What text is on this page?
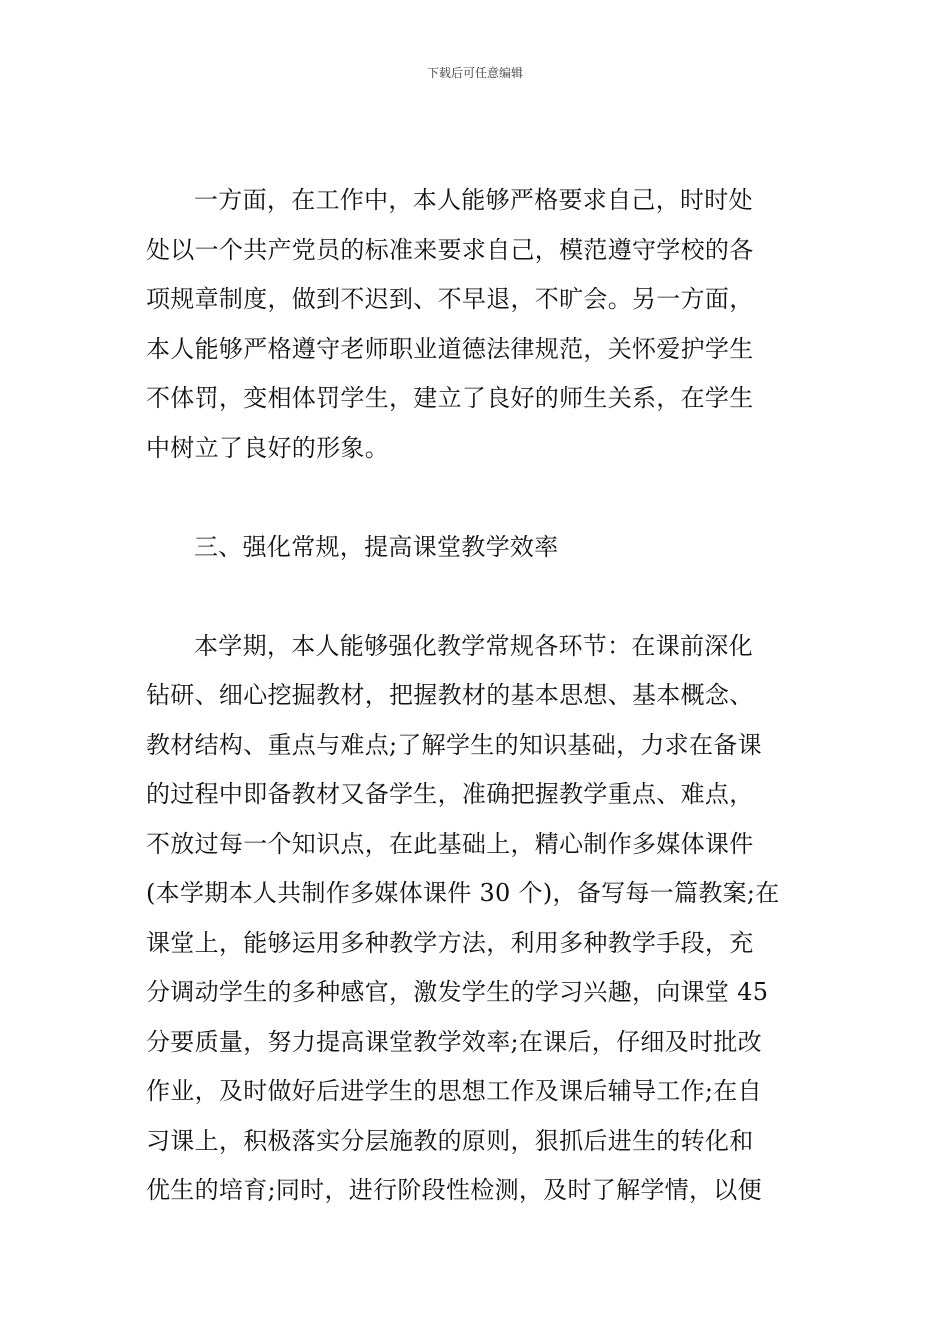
下载后可任意编辑
一方面，在工作中，本人能够严格要求自己，时时处
处以一个共产党员的标准来要求自己，模范遵守学校的各
项规章制度，做到不迟到、不早退，不旷会。另一方面，
本人能够严格遵守老师职业道德法律规范，关怀爱护学生
不体罚，变相体罚学生，建立了良好的师生关系，在学生
中树立了良好的形象。
三、强化常规，提高课堂教学效率
本学期，本人能够强化教学常规各环节：在课前深化
钻研、细心挖掘教材，把握教材的基本思想、基本概念、
教材结构、重点与难点;了解学生的知识基础，力求在备课
的过程中即备教材又备学生，准确把握教学重点、难点，
不放过每一个知识点，在此基础上，精心制作多媒体课件
(本学期本人共制作多媒体课件 30 个)，备写每一篇教案;在
课堂上，能够运用多种教学方法，利用多种教学手段，充
分调动学生的多种感官，激发学生的学习兴趣，向课堂 45
分要质量，努力提高课堂教学效率;在课后，仔细及时批改
作业，及时做好后进学生的思想工作及课后辅导工作;在自
习课上，积极落实分层施教的原则，狠抓后进生的转化和
优生的培育;同时，进行阶段性检测，及时了解学情，以便
